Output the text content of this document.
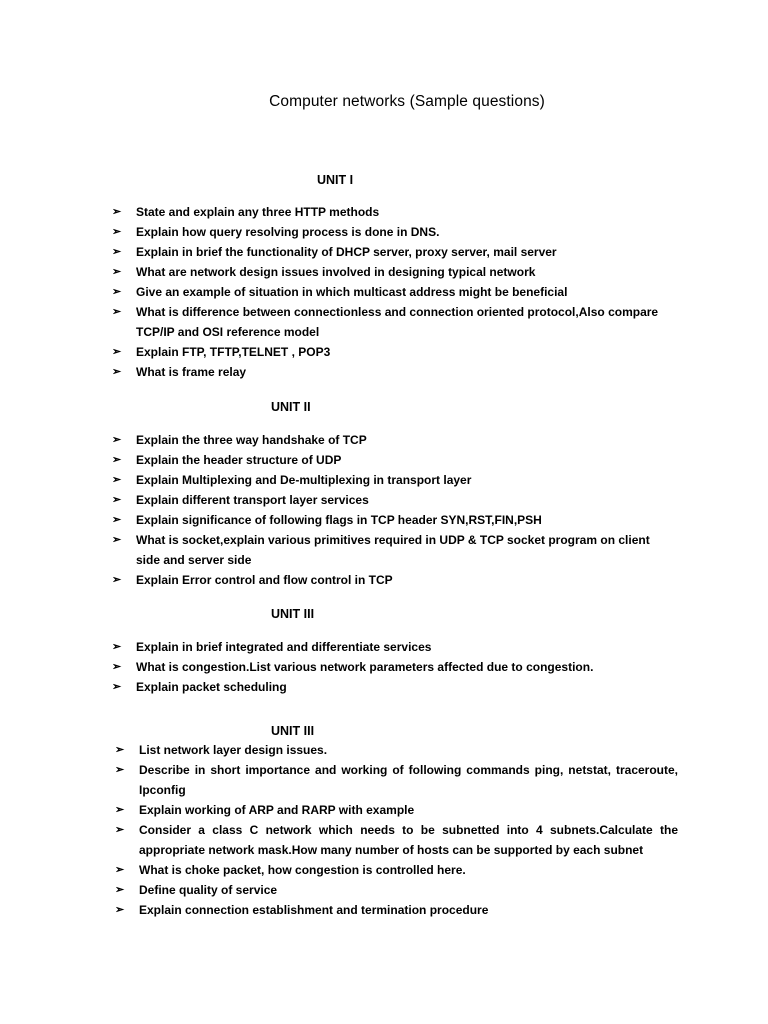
Computer networks (Sample questions)
UNIT I
➢ State and explain any three HTTP methods
➢ Explain how query resolving process is done in DNS.
➢ Explain in brief the functionality of DHCP server, proxy server, mail server
➢ What are network design issues involved in designing typical network
➢ Give an example of situation in which multicast address might be beneficial
➢ What is difference between connectionless and connection oriented protocol,Also compare TCP/IP and OSI reference model
➢ Explain FTP, TFTP,TELNET , POP3
➢ What is frame relay
UNIT II
➢ Explain the three way handshake of TCP
➢ Explain the header structure of UDP
➢ Explain Multiplexing and De-multiplexing in transport layer
➢ Explain different transport layer services
➢ Explain significance of following flags in TCP header SYN,RST,FIN,PSH
➢ What is socket,explain various primitives required in UDP & TCP socket program on client side and server side
➢ Explain Error control and flow control in TCP
UNIT III
➢ Explain in brief integrated and differentiate services
➢ What is congestion.List various network parameters affected due to congestion.
➢ Explain packet scheduling
UNIT III
➢ List network layer design issues.
➢ Describe in short importance and working of following commands ping, netstat, traceroute, Ipconfig
➢ Explain working of ARP and RARP with example
➢ Consider a class C network which needs to be subnetted into 4 subnets.Calculate the appropriate network mask.How many number of hosts can be supported by each subnet
➢ What is choke packet, how congestion is controlled here.
➢ Define quality of service
➢ Explain connection establishment and termination procedure
